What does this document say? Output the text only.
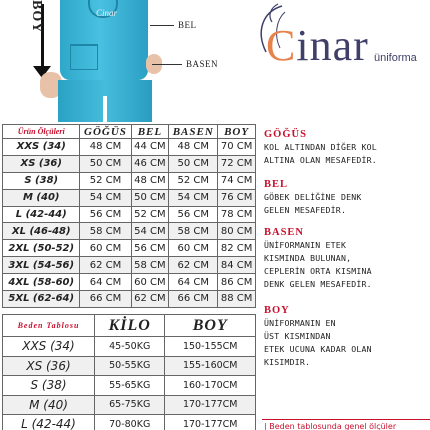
BOY	Cinar
BEL
BASEN Cinar üniforma
Ürün Ölçüleri	GÖĞÜS	BEL	BASEN	BOY
XXS (34)	48 CM	44 CM	48 CM	70 CM
XS (36)	50 CM	46 CM	50 CM	72 CM
S (38)	52 CM	48 CM	52 CM	74 CM
M (40)	54 CM	50 CM	54 CM	76 CM
L (42-44)	56 CM	52 CM	56 CM	78 CM
XL (46-48)	58 CM	54 CM	58 CM	80 CM
2XL (50-52)	60 CM	56 CM	60 CM	82 CM
3XL (54-56)	62 CM	58 CM	62 CM	84 CM
4XL (58-60)	64 CM	60 CM	64 CM	86 CM
5XL (62-64)	66 CM	62 CM	66 CM	88 CM
Beden Tablosu	KİLO	BOY
XXS (34)	45-50KG	150-155CM
XS (36)	50-55KG	155-160CM
S (38)	55-65KG	160-170CM
M (40)	65-75KG	170-177CM
L (42-44)	70-80KG	170-177CM
GÖĞÜS

KOL ALTINDAN DİĞER KOL

ALTINA OLAN MESAFEDİR.

BEL

GÖBEK DELİĞİNE DENK

GELEN MESAFEDİR.

BASEN

ÜNİFORMANIN ETEK

KISMINDA BULUNAN,

CEPLERİN ORTA KISMINA

DENK GELEN MESAFEDİR.

BOY

ÜNİFORMANIN EN

ÜST KISMINDAN

ETEK UCUNA KADAR OLAN

KISIMDIR.

| Beden tablosunda genel ölçüler
